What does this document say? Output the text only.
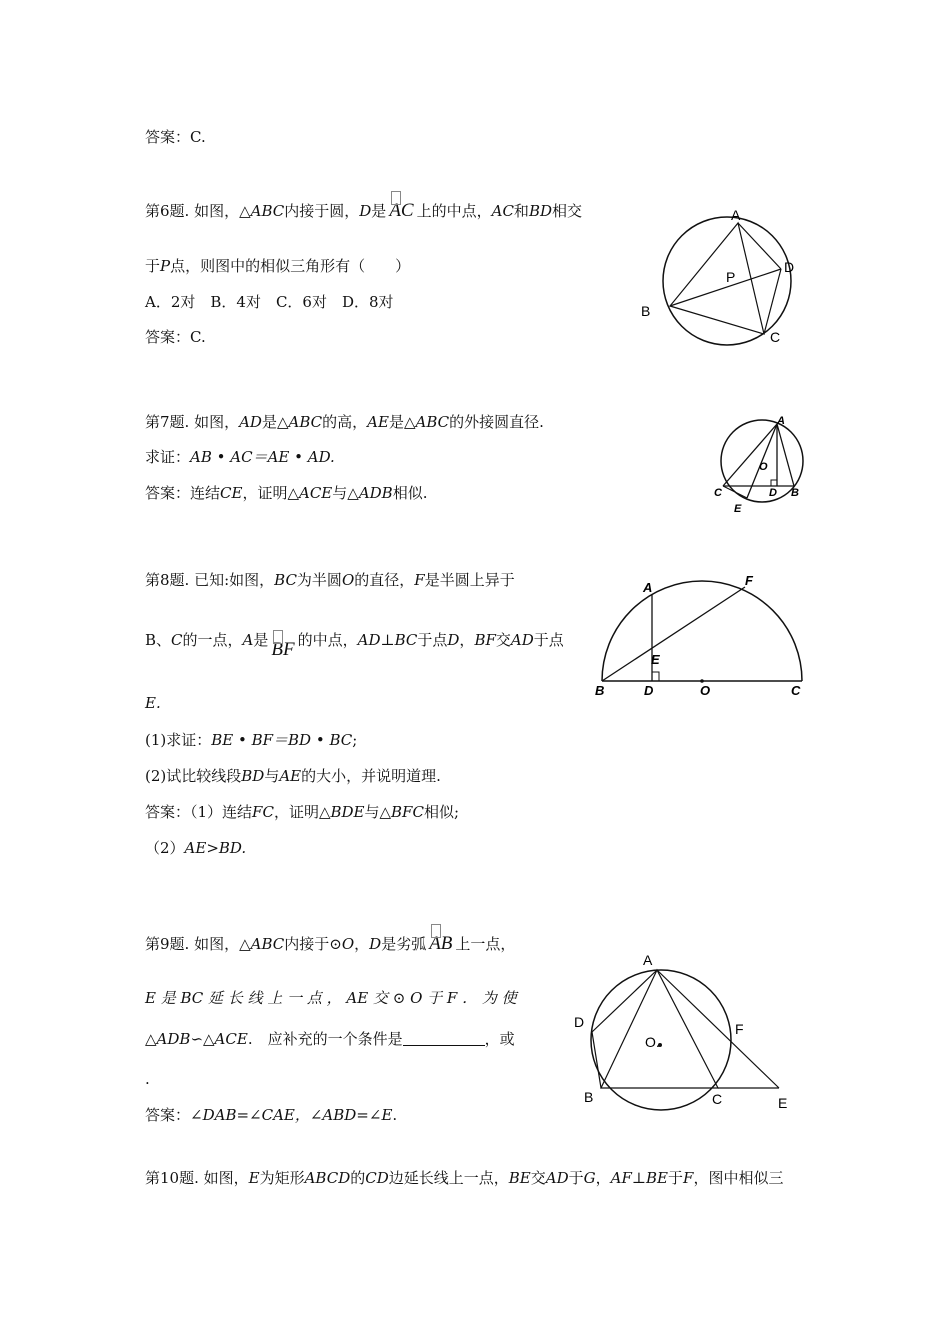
答案：C.
第6题. 如图，△ABC内接于圆，D是 AC 上的中点，AC和BD相交
于P点，则图中的相似三角形有（　　）
A．2对　B．4对　C．6对　D．8对
答案：C.
A
P
D
B
C
第7题. 如图，AD是△ABC的高，AE是△ABC的外接圆直径.
求证：AB • AC＝AE • AD.
答案：连结CE，证明△ACE与△ADB相似.
A
O
C	D B
E
第8题. 已知:如图，BC为半圆O的直径，F是半圆上异于
B、C的一点，A是 BF 的中点，AD⊥BC于点D，BF交AD于点
E.
(1)求证：BE • BF＝BD • BC;
(2)试比较线段BD与AE的大小，并说明道理.
答案：（1）连结FC，证明△BDE与△BFC相似;
（2）AE>BD.
A	F
E
B	D	O	C
第9题. 如图，△ABC内接于⊙O，D是劣弧 AB 上一点，
E 是 BC 延 长 线 上 一 点 ， AE 交 ⊙ O 于 F ． 为 使
△ADB∽△ACE.　应补充的一个条件是	，或
.
答案：∠DAB=∠CAE，∠ABD=∠E.
A
D	F
O.
B	C	E
第10题. 如图，E为矩形ABCD的CD边延长线上一点，BE交AD于G，AF⊥BE于F，图中相似三
